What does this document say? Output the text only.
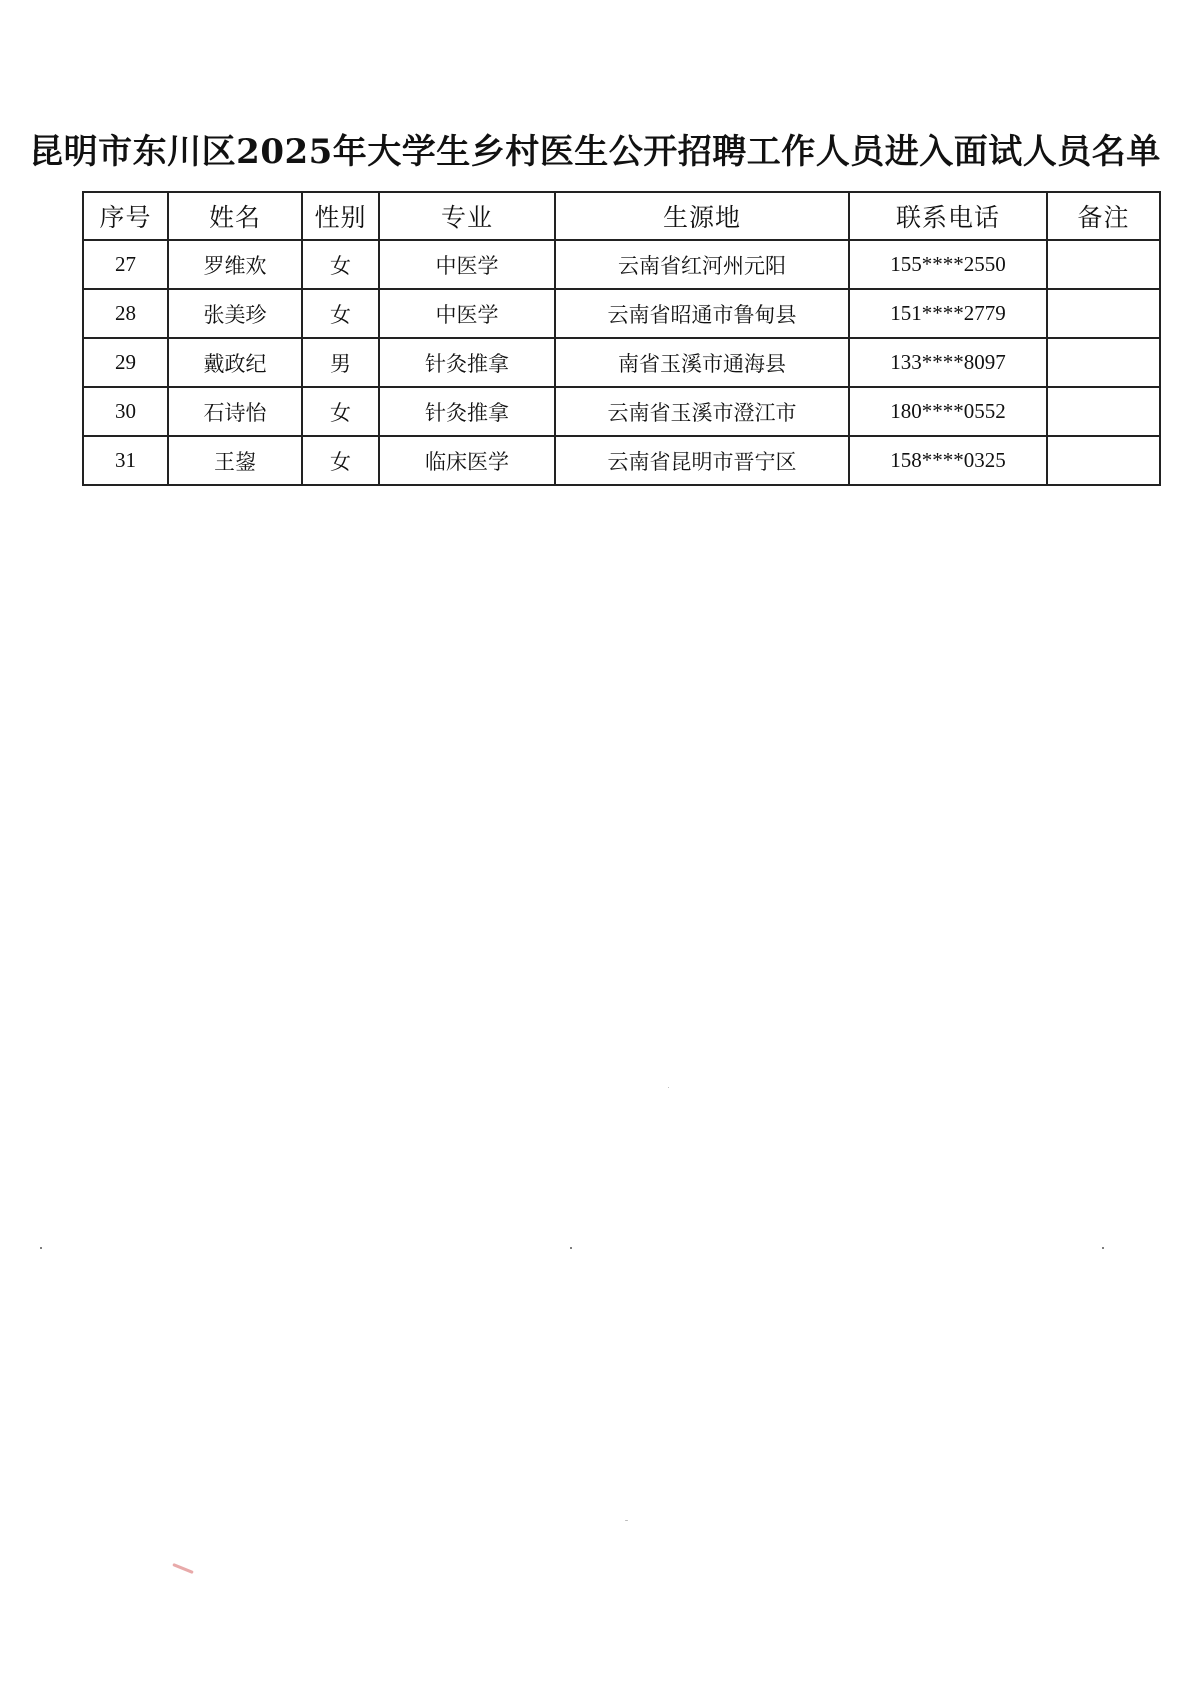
昆明市东川区2025年大学生乡村医生公开招聘工作人员进入面试人员名单
序号	姓名	性别	专业	生源地	联系电话	备注
27	罗维欢	女	中医学	云南省红河州元阳	155****2550	
28	张美珍	女	中医学	云南省昭通市鲁甸县	151****2779	
29	戴政纪	男	针灸推拿	南省玉溪市通海县	133****8097	
30	石诗怡	女	针灸推拿	云南省玉溪市澄江市	180****0552	
31	王鋆	女	临床医学	云南省昆明市晋宁区	158****0325	
